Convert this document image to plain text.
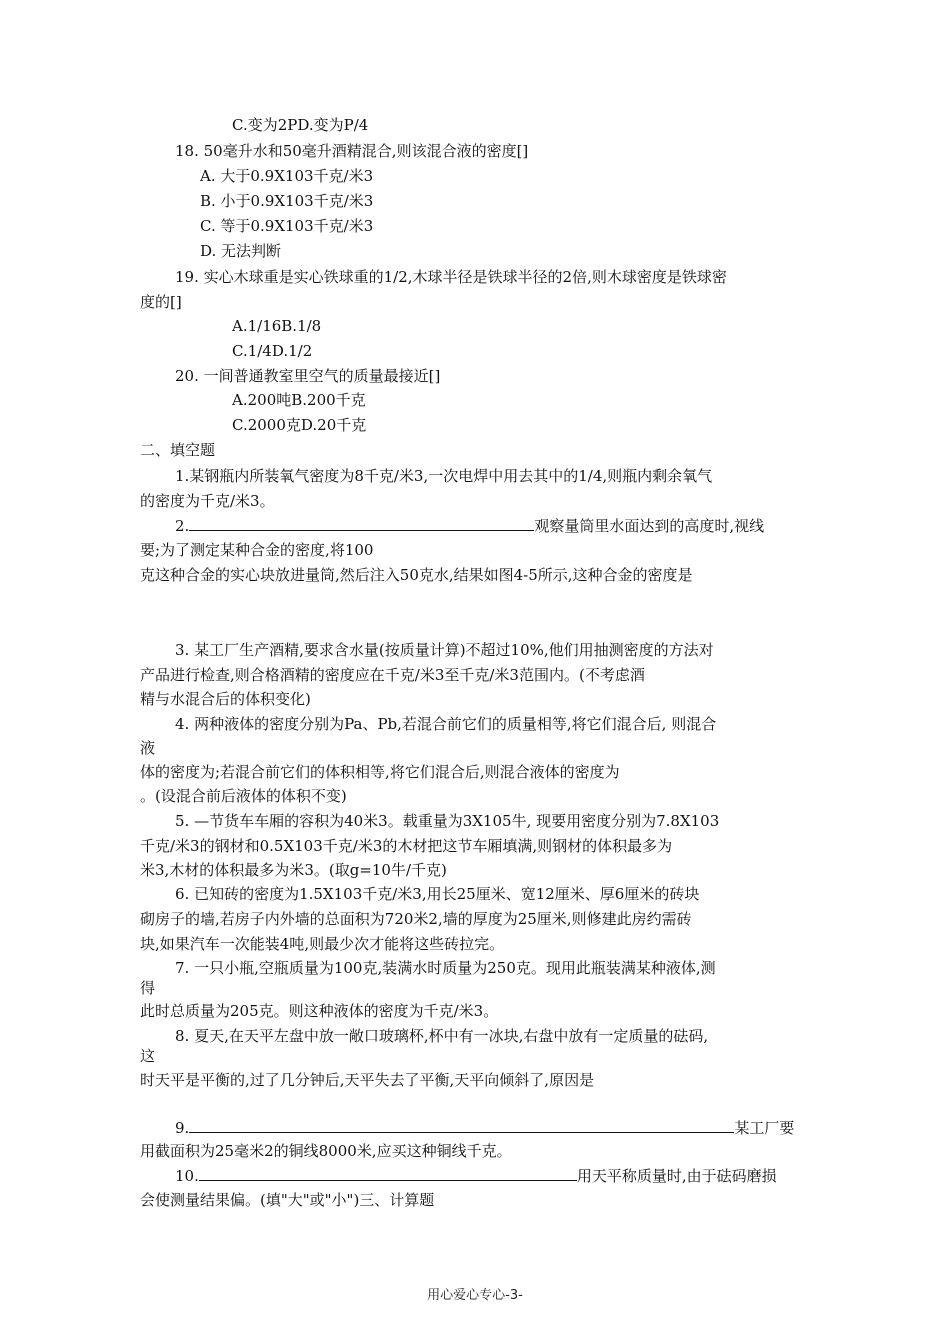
C.变为2PD.变为P/4
18. 50毫升水和50毫升酒精混合,则该混合液的密度[]
A. 大于0.9X103千克/米3
B. 小于0.9X103千克/米3
C. 等于0.9X103千克/米3
D. 无法判断
19. 实心木球重是实心铁球重的1/2,木球半径是铁球半径的2倍,则木球密度是铁球密
度的[]
A.1/16B.1/8
C.1/4D.1/2
20. 一间普通教室里空气的质量最接近[]
A.200吨B.200千克
C.2000克D.20千克
二、填空题
1.某钢瓶内所装氧气密度为8千克/米3,一次电焊中用去其中的1/4,则瓶内剩余氧气
的密度为千克/米3。
2.	观察量筒里水面达到的高度时,视线
要;为了测定某种合金的密度,将100
克这种合金的实心块放进量筒,然后注入50克水,结果如图4-5所示,这种合金的密度是
3. 某工厂生产酒精,要求含水量(按质量计算)不超过10%,他们用抽测密度的方法对
产品进行检查,则合格酒精的密度应在千克/米3至千克/米3范围内。(不考虑酒
精与水混合后的体积变化)
4. 两种液体的密度分别为Pa、Pb,若混合前它们的质量相等,将它们混合后, 则混合
液
体的密度为;若混合前它们的体积相等,将它们混合后,则混合液体的密度为
。(设混合前后液体的体积不变)
5. —节货车车厢的容积为40米3。载重量为3X105牛, 现要用密度分别为7.8X103
千克/米3的钢材和0.5X103千克/米3的木材把这节车厢填满,则钢材的体积最多为
米3,木材的体积最多为米3。(取g=10牛/千克)
6. 已知砖的密度为1.5X103千克/米3,用长25厘米、宽12厘米、厚6厘米的砖块
砌房子的墙,若房子内外墙的总面积为720米2,墙的厚度为25厘米,则修建此房约需砖
块,如果汽车一次能装4吨,则最少次才能将这些砖拉完。
7. 一只小瓶,空瓶质量为100克,装满水时质量为250克。现用此瓶装满某种液体,测
得
此时总质量为205克。则这种液体的密度为千克/米3。
8. 夏天,在天平左盘中放一敞口玻璃杯,杯中有一冰块,右盘中放有一定质量的砝码,
这
时天平是平衡的,过了几分钟后,天平失去了平衡,天平向倾斜了,原因是
9.	某工厂要
用截面积为25毫米2的铜线8000米,应买这种铜线千克。
10.	用天平称质量时,由于砝码磨损
会使测量结果偏。(填"大"或"小")三、计算题
用心爱心专心-3-
